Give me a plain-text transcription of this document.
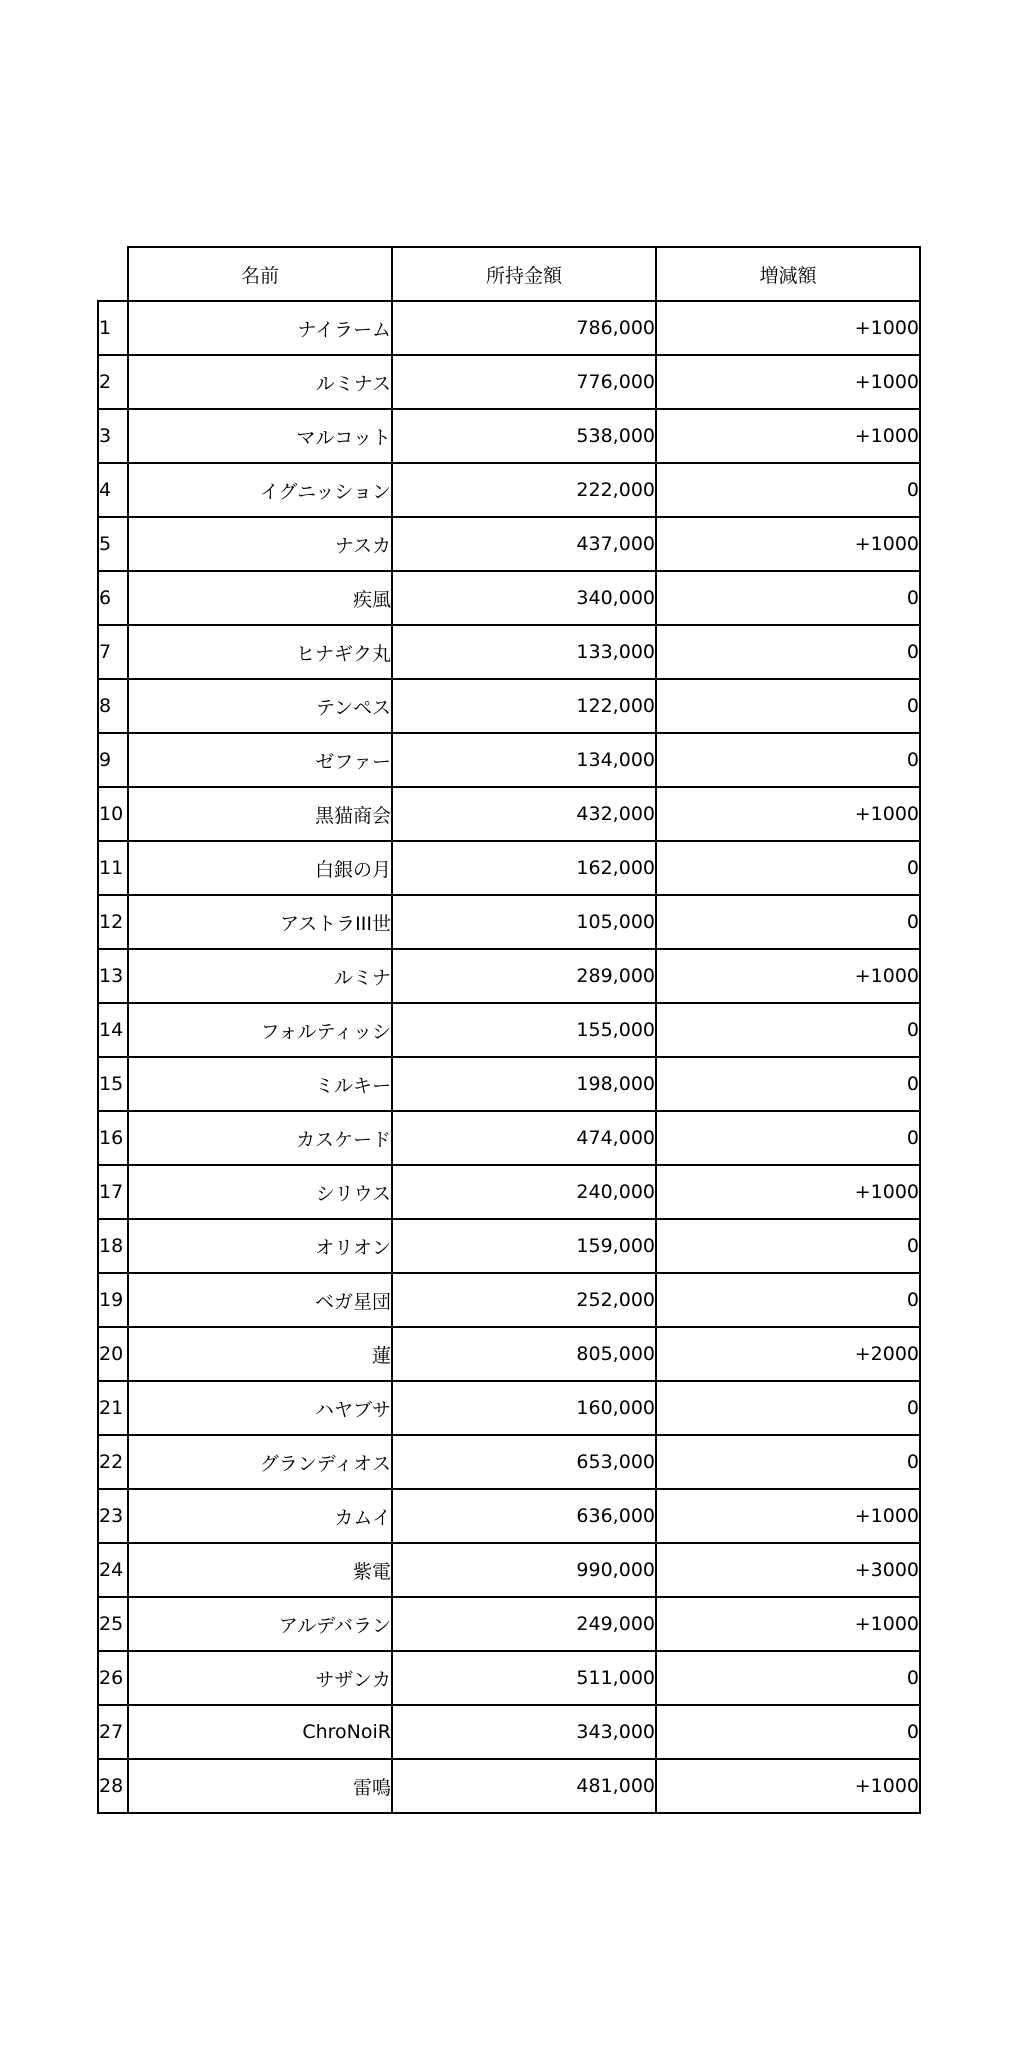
	名前	所持金額	増減額
1	ナイラーム	786,000	+1000
2	ルミナス	776,000	+1000
3	マルコット	538,000	+1000
4	イグニッション	222,000	0
5	ナスカ	437,000	+1000
6	疾風	340,000	0
7	ヒナギク丸	133,000	0
8	テンペス	122,000	0
9	ゼファー	134,000	0
10	黒猫商会	432,000	+1000
11	白銀の月	162,000	0
12	アストラIII世	105,000	0
13	ルミナ	289,000	+1000
14	フォルティッシ	155,000	0
15	ミルキー	198,000	0
16	カスケード	474,000	0
17	シリウス	240,000	+1000
18	オリオン	159,000	0
19	ベガ星団	252,000	0
20	蓮	805,000	+2000
21	ハヤブサ	160,000	0
22	グランディオス	653,000	0
23	カムイ	636,000	+1000
24	紫電	990,000	+3000
25	アルデバラン	249,000	+1000
26	サザンカ	511,000	0
27	ChroNoiR	343,000	0
28	雷鳴	481,000	+1000
